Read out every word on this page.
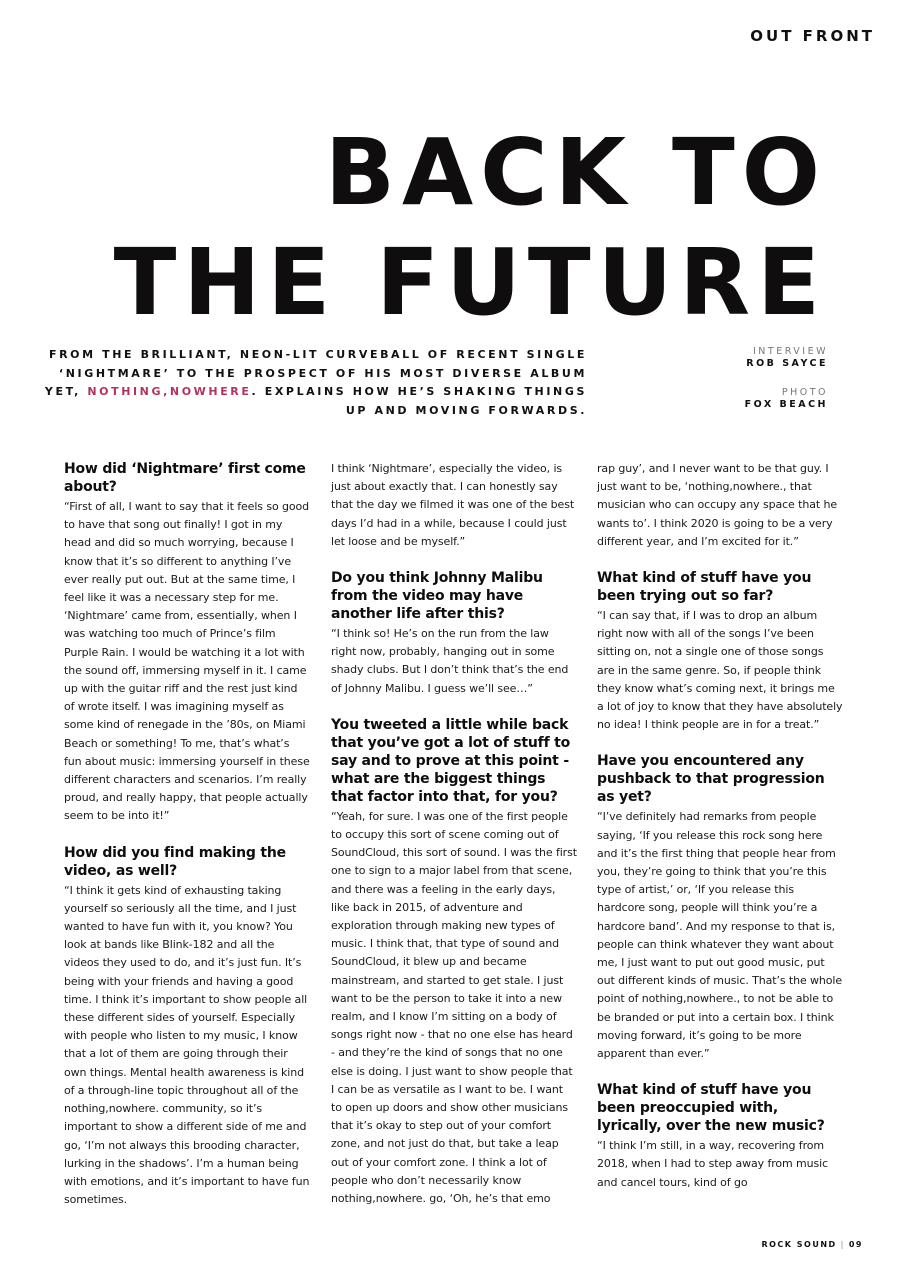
OUT FRONT
BACK TO
THE FUTURE

FROM THE BRILLIANT, NEON-LIT CURVEBALL OF RECENT SINGLE ‘NIGHTMARE’ TO THE PROSPECT OF HIS MOST DIVERSE ALBUM YET, NOTHING,NOWHERE. EXPLAINS HOW HE’S SHAKING THINGS UP AND MOVING FORWARDS.

INTERVIEW
ROB SAYCE
PHOTO
FOX BEACH
How did ‘Nightmare’ first come about?

“First of all, I want to say that it feels so good to have that song out finally! I got in my head and did so much worrying, because I know that it’s so different to anything I’ve ever really put out. But at the same time, I feel like it was a necessary step for me. ‘Nightmare’ came from, essentially, when I was watching too much of Prince’s film Purple Rain. I would be watching it a lot with the sound off, immersing myself in it. I came up with the guitar riff and the rest just kind of wrote itself. I was imagining myself as some kind of renegade in the ’80s, on Miami Beach or something! To me, that’s what’s fun about music: immersing yourself in these different characters and scenarios. I’m really proud, and really happy, that people actually seem to be into it!”

How did you find making the video, as well?

“I think it gets kind of exhausting taking yourself so seriously all the time, and I just wanted to have fun with it, you know? You look at bands like Blink-182 and all the videos they used to do, and it’s just fun. It’s being with your friends and having a good time. I think it’s important to show people all these different sides of yourself. Especially with people who listen to my music, I know that a lot of them are going through their own things. Mental health awareness is kind of a through-line topic throughout all of the nothing,nowhere. community, so it’s important to show a different side of me and go, ‘I’m not always this brooding character, lurking in the shadows’. I’m a human being with emotions, and it’s important to have fun sometimes.

I think ‘Nightmare’, especially the video, is just about exactly that. I can honestly say that the day we filmed it was one of the best days I’d had in a while, because I could just let loose and be myself.”

Do you think Johnny Malibu from the video may have another life after this?

“I think so! He’s on the run from the law right now, probably, hanging out in some shady clubs. But I don’t think that’s the end of Johnny Malibu. I guess we’ll see…”

You tweeted a little while back that you’ve got a lot of stuff to say and to prove at this point - what are the biggest things that factor into that, for you?

“Yeah, for sure. I was one of the first people to occupy this sort of scene coming out of SoundCloud, this sort of sound. I was the first one to sign to a major label from that scene, and there was a feeling in the early days, like back in 2015, of adventure and exploration through making new types of music. I think that, that type of sound and SoundCloud, it blew up and became mainstream, and started to get stale. I just want to be the person to take it into a new realm, and I know I’m sitting on a body of songs right now - that no one else has heard - and they’re the kind of songs that no one else is doing. I just want to show people that I can be as versatile as I want to be. I want to open up doors and show other musicians that it’s okay to step out of your comfort zone, and not just do that, but take a leap out of your comfort zone. I think a lot of people who don’t necessarily know nothing,nowhere. go, ‘Oh, he’s that emo

rap guy’, and I never want to be that guy. I just want to be, ‘nothing,nowhere., that musician who can occupy any space that he wants to’. I think 2020 is going to be a very different year, and I’m excited for it.”

What kind of stuff have you been trying out so far?

“I can say that, if I was to drop an album right now with all of the songs I’ve been sitting on, not a single one of those songs are in the same genre. So, if people think they know what’s coming next, it brings me a lot of joy to know that they have absolutely no idea! I think people are in for a treat.”

Have you encountered any pushback to that progression as yet?

“I’ve definitely had remarks from people saying, ‘If you release this rock song here and it’s the first thing that people hear from you, they’re going to think that you’re this type of artist,’ or, ‘If you release this hardcore song, people will think you’re a hardcore band’. And my response to that is, people can think whatever they want about me, I just want to put out good music, put out different kinds of music. That’s the whole point of nothing,nowhere., to not be able to be branded or put into a certain box. I think moving forward, it’s going to be more apparent than ever.”

What kind of stuff have you been preoccupied with, lyrically, over the new music?

“I think I’m still, in a way, recovering from 2018, when I had to step away from music and cancel tours, kind of go

ROCK SOUND | 09
